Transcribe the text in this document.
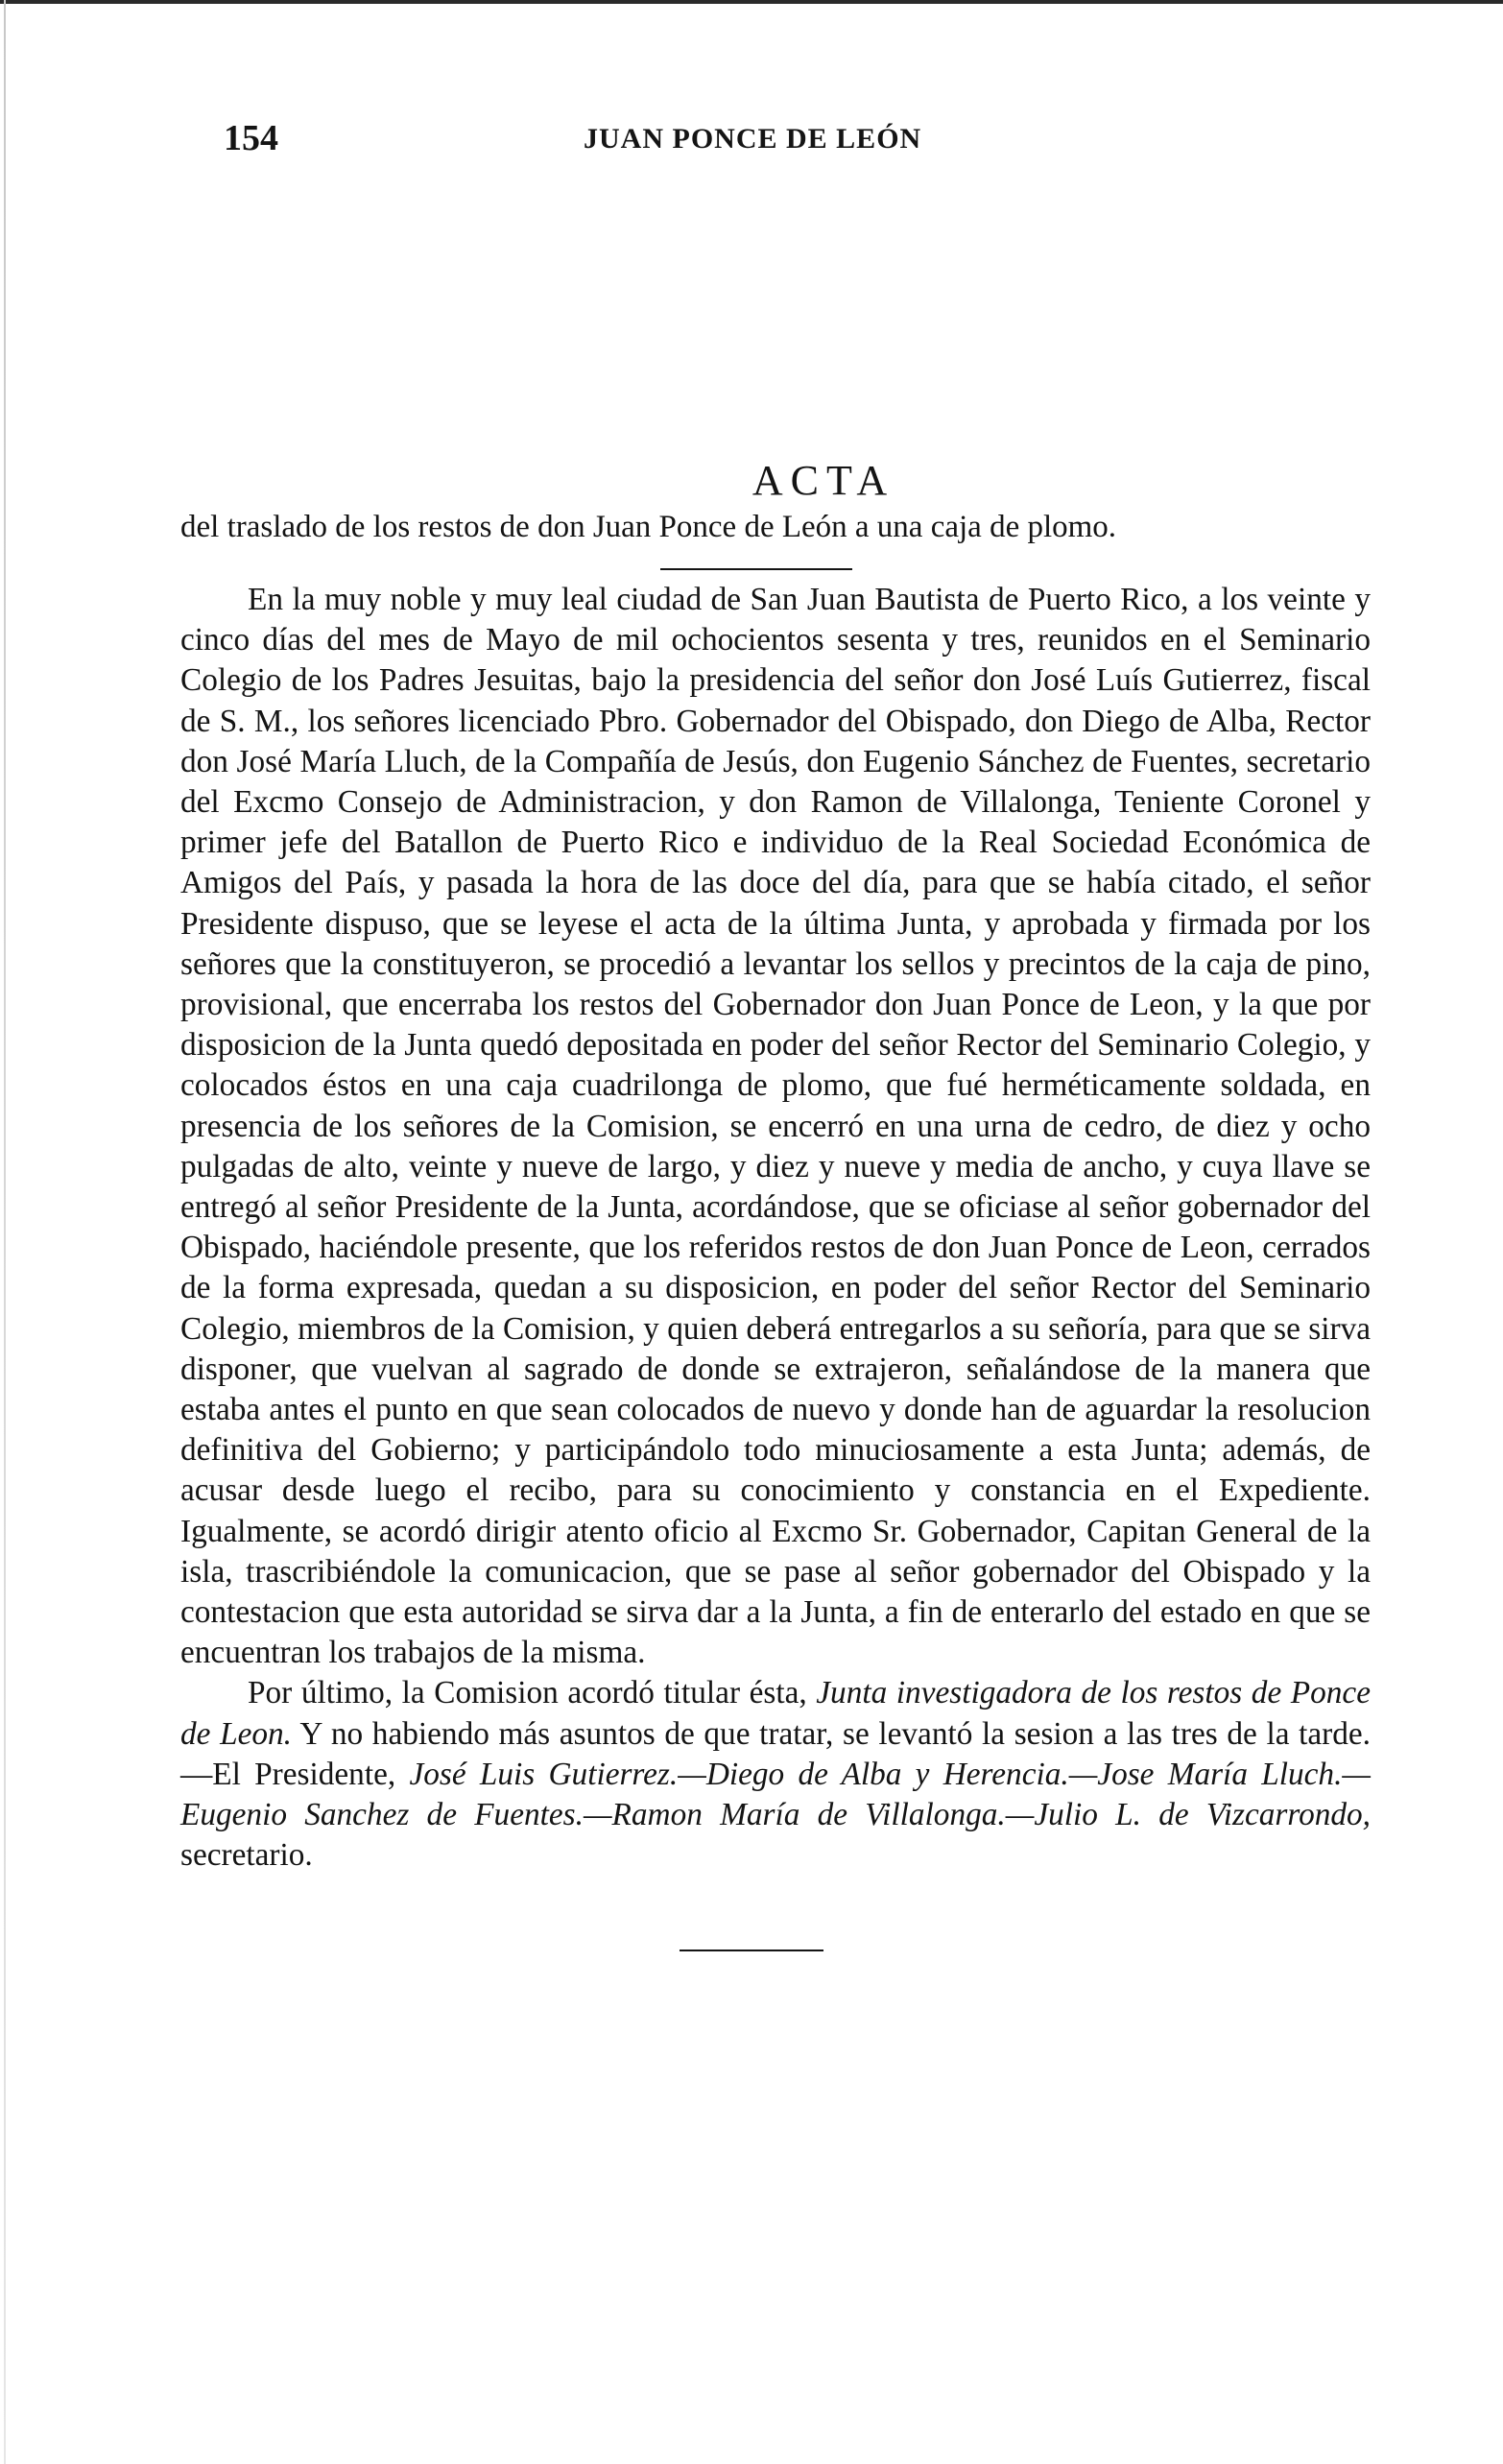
154	JUAN PONCE DE LEÓN
ACTA
del traslado de los restos de don Juan Ponce de León a una caja de plomo.

En la muy noble y muy leal ciudad de San Juan Bautista de Puerto Rico, a los veinte y cinco días del mes de Mayo de mil ochocientos sesenta y tres, reunidos en el Seminario Colegio de los Padres Jesuitas, bajo la presidencia del señor don José Luís Gutierrez, fiscal de S. M., los señores licenciado Pbro. Gobernador del Obispado, don Diego de Alba, Rector don José María Lluch, de la Compañía de Jesús, don Eugenio Sánchez de Fuentes, secretario del Excmo Consejo de Administracion, y don Ramon de Villalonga, Teniente Coronel y primer jefe del Batallon de Puerto Rico e individuo de la Real Sociedad Económica de Amigos del País, y pasada la hora de las doce del día, para que se había citado, el señor Presidente dispuso, que se leyese el acta de la última Junta, y aprobada y firmada por los señores que la constituyeron, se procedió a levantar los sellos y precintos de la caja de pino, provisional, que encerraba los restos del Gobernador don Juan Ponce de Leon, y la que por disposicion de la Junta quedó depositada en poder del señor Rector del Seminario Colegio, y colocados éstos en una caja cuadrilonga de plomo, que fué herméticamente soldada, en presencia de los señores de la Comision, se encerró en una urna de cedro, de diez y ocho pulgadas de alto, veinte y nueve de largo, y diez y nueve y media de ancho, y cuya llave se entregó al señor Presidente de la Junta, acordándose, que se oficiase al señor gobernador del Obispado, haciéndole presente, que los referidos restos de don Juan Ponce de Leon, cerrados de la forma expresada, quedan a su disposicion, en poder del señor Rector del Seminario Colegio, miembros de la Comision, y quien deberá entregarlos a su señoría, para que se sirva disponer, que vuelvan al sagrado de donde se extrajeron, señalándose de la manera que estaba antes el punto en que sean colocados de nuevo y donde han de aguardar la resolucion definitiva del Gobierno; y participándolo todo minuciosamente a esta Junta; además, de acusar desde luego el recibo, para su conocimiento y constancia en el Expediente. Igualmente, se acordó dirigir atento oficio al Excmo Sr. Gobernador, Capitan General de la isla, trascribiéndole la comunicacion, que se pase al señor gobernador del Obispado y la contestacion que esta autoridad se sirva dar a la Junta, a fin de enterarlo del estado en que se encuentran los trabajos de la misma.

Por último, la Comision acordó titular ésta, Junta investigadora de los restos de Ponce de Leon. Y no habiendo más asuntos de que tratar, se levantó la sesion a las tres de la tarde.—El Presidente, José Luis Gutierrez.—Diego de Alba y Herencia.—Jose María Lluch.—Eugenio Sanchez de Fuentes.—Ramon María de Villalonga.—Julio L. de Vizcarrondo, secretario.
